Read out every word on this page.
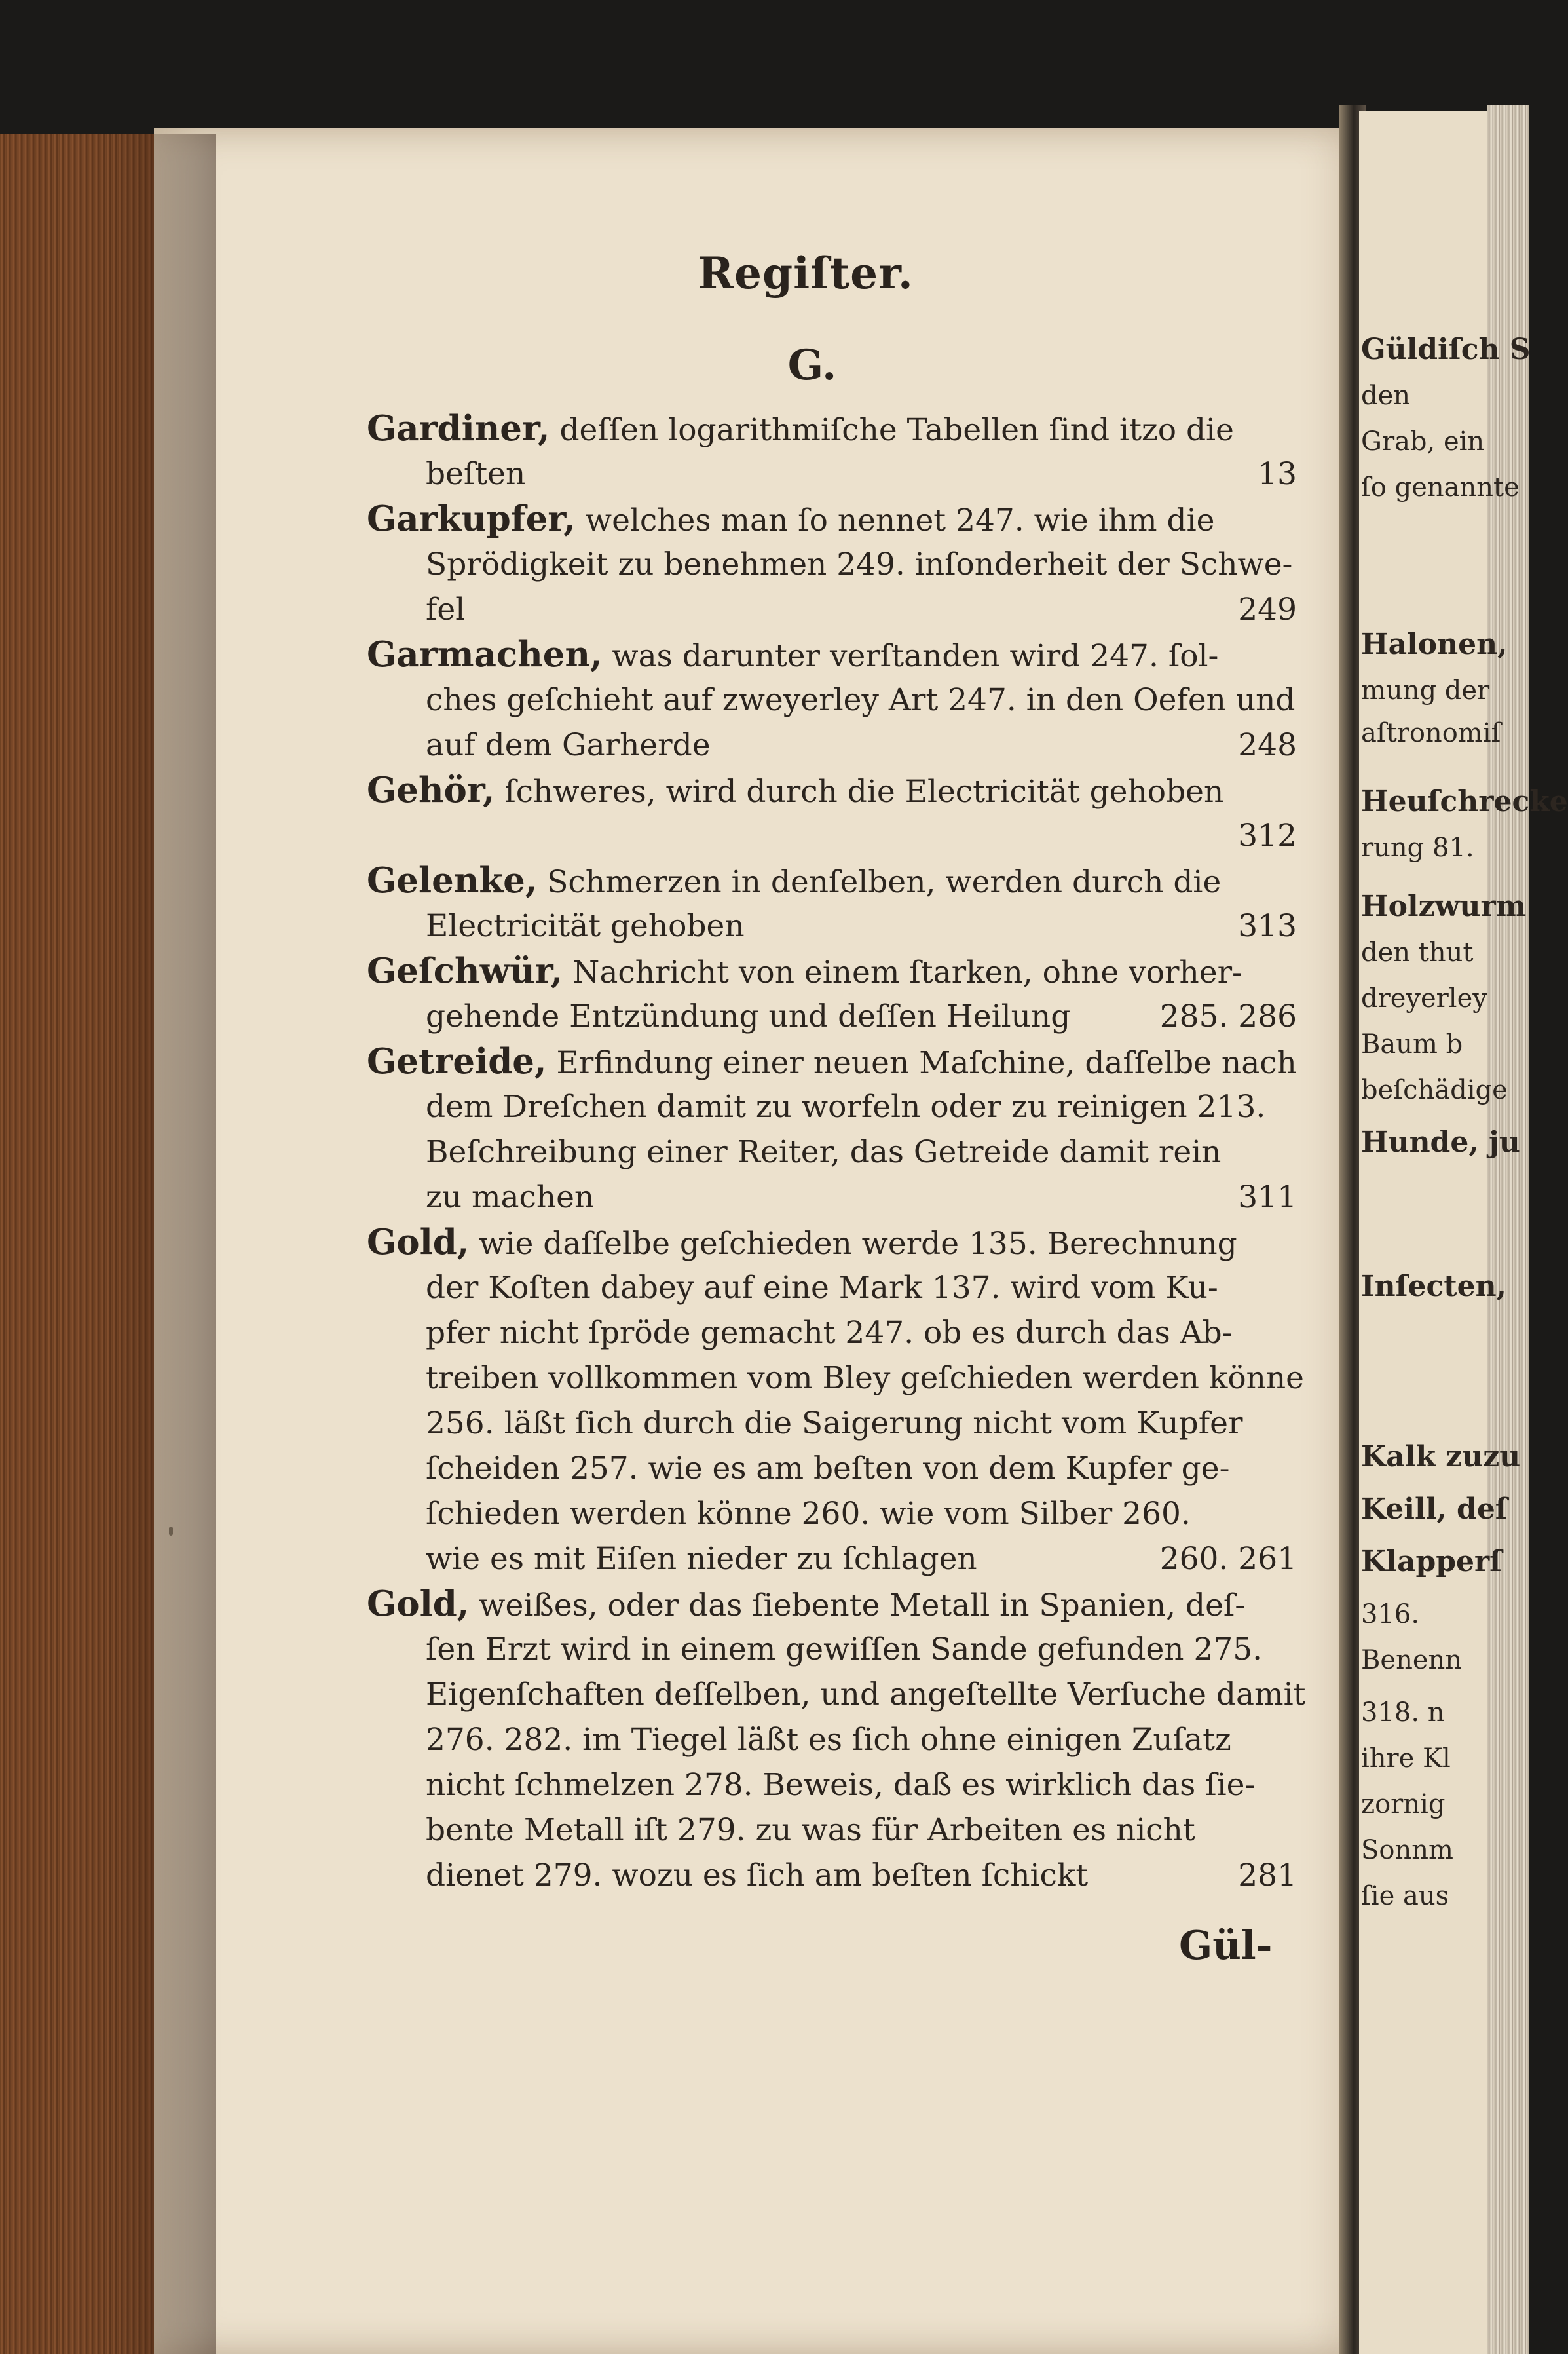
Regiſter.
G.
Gardiner, deſſen logarithmiſche Tabellen ſind itzo die
beſten	13
Garkupfer, welches man ſo nennet 247. wie ihm die
Sprödigkeit zu benehmen 249. inſonderheit der Schwe-
fel	249
Garmachen, was darunter verſtanden wird 247. ſol-
ches geſchieht auf zweyerley Art 247. in den Oefen und
auf dem Garherde	248
Gehör, ſchweres, wird durch die Electricität gehoben
312
Gelenke, Schmerzen in denſelben, werden durch die
Electricität gehoben	313
Geſchwür, Nachricht von einem ſtarken, ohne vorher-
gehende Entzündung und deſſen Heilung	285. 286
Getreide, Erfindung einer neuen Maſchine, daſſelbe nach
dem Dreſchen damit zu worfeln oder zu reinigen 213.
Beſchreibung einer Reiter, das Getreide damit rein
zu machen	311
Gold, wie daſſelbe geſchieden werde 135. Berechnung
der Koſten dabey auf eine Mark 137. wird vom Ku-
pfer nicht ſpröde gemacht 247. ob es durch das Ab-
treiben vollkommen vom Bley geſchieden werden könne
256. läßt ſich durch die Saigerung nicht vom Kupfer
ſcheiden 257. wie es am beſten von dem Kupfer ge-
ſchieden werden könne 260. wie vom Silber 260.
wie es mit Eiſen nieder zu ſchlagen	260. 261
Gold, weißes, oder das ſiebente Metall in Spanien, deſ-
ſen Erzt wird in einem gewiſſen Sande gefunden 275.
Eigenſchaften deſſelben, und angeſtellte Verſuche damit
276. 282. im Tiegel läßt es ſich ohne einigen Zuſatz
nicht ſchmelzen 278. Beweis, daß es wirklich das ſie-
bente Metall iſt 279. zu was für Arbeiten es nicht
dienet 279. wozu es ſich am beſten ſchickt	281
Gül-
Güldiſch S
den
Grab, ein
ſo genannte
Halonen,
mung der
aſtronomiſ
Heuſchrecke
rung 81.
Holzwurm
den thut
dreyerley
Baum b
beſchädige
Hunde, ju
Inſecten,
Kalk zuzu
Keill, deſ
Klapperſ
316.
Benenn
318. n
ihre Kl
zornig
Sonnm
ſie aus
